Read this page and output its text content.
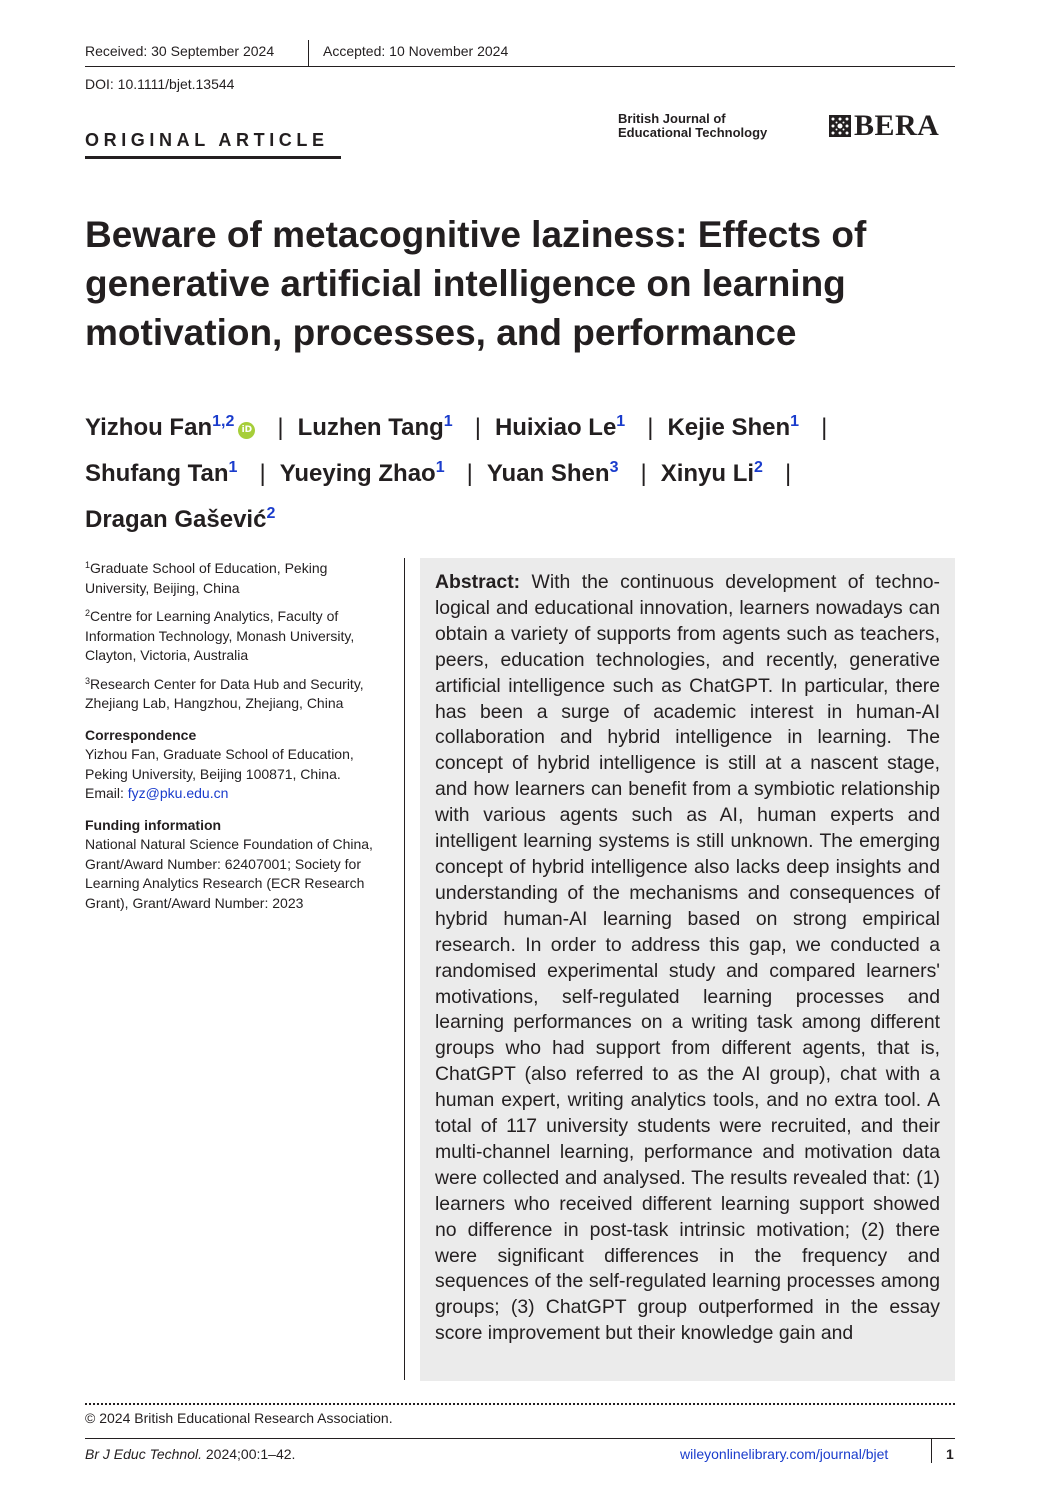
Received: 30 September 2024	Accepted: 10 November 2024
DOI: 10.1111/bjet.13544
ORIGINAL ARTICLE
British Journal of
Educational Technology	BERA
Beware of metacognitive laziness: Effects of generative artificial intelligence on learning motivation, processes, and performance
Yizhou Fan$^{1,2}$ iD | Luzhen Tang$^1$ | Huixiao Le$^1$ | Kejie Shen$^1$ |
Shufang Tan$^1$ | Yueying Zhao$^1$ | Yuan Shen$^3$ | Xinyu Li$^2$ |
Dragan Gašević$^2$
$^1$Graduate School of Education, Peking University, Beijing, China
$^2$Centre for Learning Analytics, Faculty of Information Technology, Monash University, Clayton, Victoria, Australia
$^3$Research Center for Data Hub and Security, Zhejiang Lab, Hangzhou, Zhejiang, China
Correspondence
Yizhou Fan, Graduate School of Education, Peking University, Beijing 100871, China.
Email: fyz@pku.edu.cn
Funding information
National Natural Science Foundation of China, Grant/Award Number: 62407001; Society for Learning Analytics Research (ECR Research Grant), Grant/Award Number: 2023
Abstract: With the continuous development of technological and educational innovation, learners nowadays can obtain a variety of supports from agents such as teachers, peers, education technologies, and recently, generative artificial intelligence such as ChatGPT. In particular, there has been a surge of academic interest in human-AI collaboration and hybrid intelligence in learning. The concept of hybrid intelligence is still at a nascent stage, and how learners can benefit from a symbiotic relationship with various agents such as AI, human experts and intelligent learning systems is still unknown. The emerging concept of hybrid intelligence also lacks deep insights and understanding of the mechanisms and consequences of hybrid human-AI learning based on strong empirical research. In order to address this gap, we conducted a randomised experimental study and compared learners' motivations, self-regulated learning processes and learning performances on a writing task among different groups who had support from different agents, that is, ChatGPT (also referred to as the AI group), chat with a human expert, writing analytics tools, and no extra tool. A total of 117 university students were recruited, and their multi-channel learning, performance and motivation data were collected and analysed. The results revealed that: (1) learners who received different learning support showed no difference in post-task intrinsic motivation; (2) there were significant differences in the frequency and sequences of the self-regulated learning processes among groups; (3) ChatGPT group outperformed in the essay score improvement but their knowledge gain and
© 2024 British Educational Research Association.
Br J Educ Technol. 2024;00:1–42.	wileyonlinelibrary.com/journal/bjet	1
